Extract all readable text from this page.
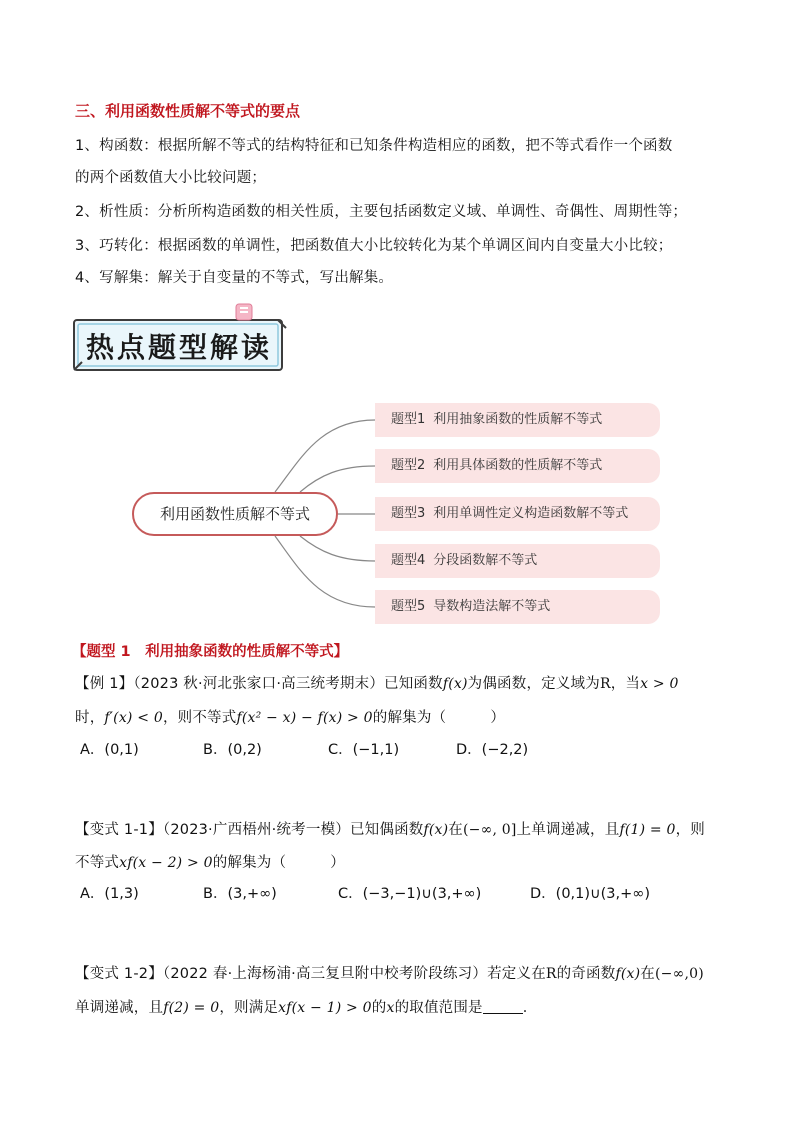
三、利用函数性质解不等式的要点
1、构函数：根据所解不等式的结构特征和已知条件构造相应的函数，把不等式看作一个函数
的两个函数值大小比较问题；
2、析性质：分析所构造函数的相关性质，主要包括函数定义域、单调性、奇偶性、周期性等；
3、巧转化：根据函数的单调性，把函数值大小比较转化为某个单调区间内自变量大小比较；
4、写解集：解关于自变量的不等式，写出解集。
热点题型解读
利用函数性质解不等式
题型1 利用抽象函数的性质解不等式
题型2 利用具体函数的性质解不等式
题型3 利用单调性定义构造函数解不等式
题型4 分段函数解不等式
题型5 导数构造法解不等式
【题型 1　利用抽象函数的性质解不等式】
【例 1】（2023 秋·河北张家口·高三统考期末）已知函数f(x)为偶函数，定义域为R，当x > 0
时，f′(x) < 0，则不等式f(x² − x) − f(x) > 0的解集为（　　　）
A．(0,1)	B．(0,2)	C．(−1,1)	D．(−2,2)
【变式 1-1】（2023·广西梧州·统考一模）已知偶函数f(x)在(−∞, 0]上单调递减，且f(1) = 0，则
不等式xf(x − 2) > 0的解集为（　　　）
A．(1,3)	B．(3,+∞)	C．(−3,−1)∪(3,+∞)	D．(0,1)∪(3,+∞)
【变式 1-2】（2022 春·上海杨浦·高三复旦附中校考阶段练习）若定义在R的奇函数f(x)在(−∞,0)
单调递减，且f(2) = 0，则满足xf(x − 1) > 0的x的取值范围是	．
